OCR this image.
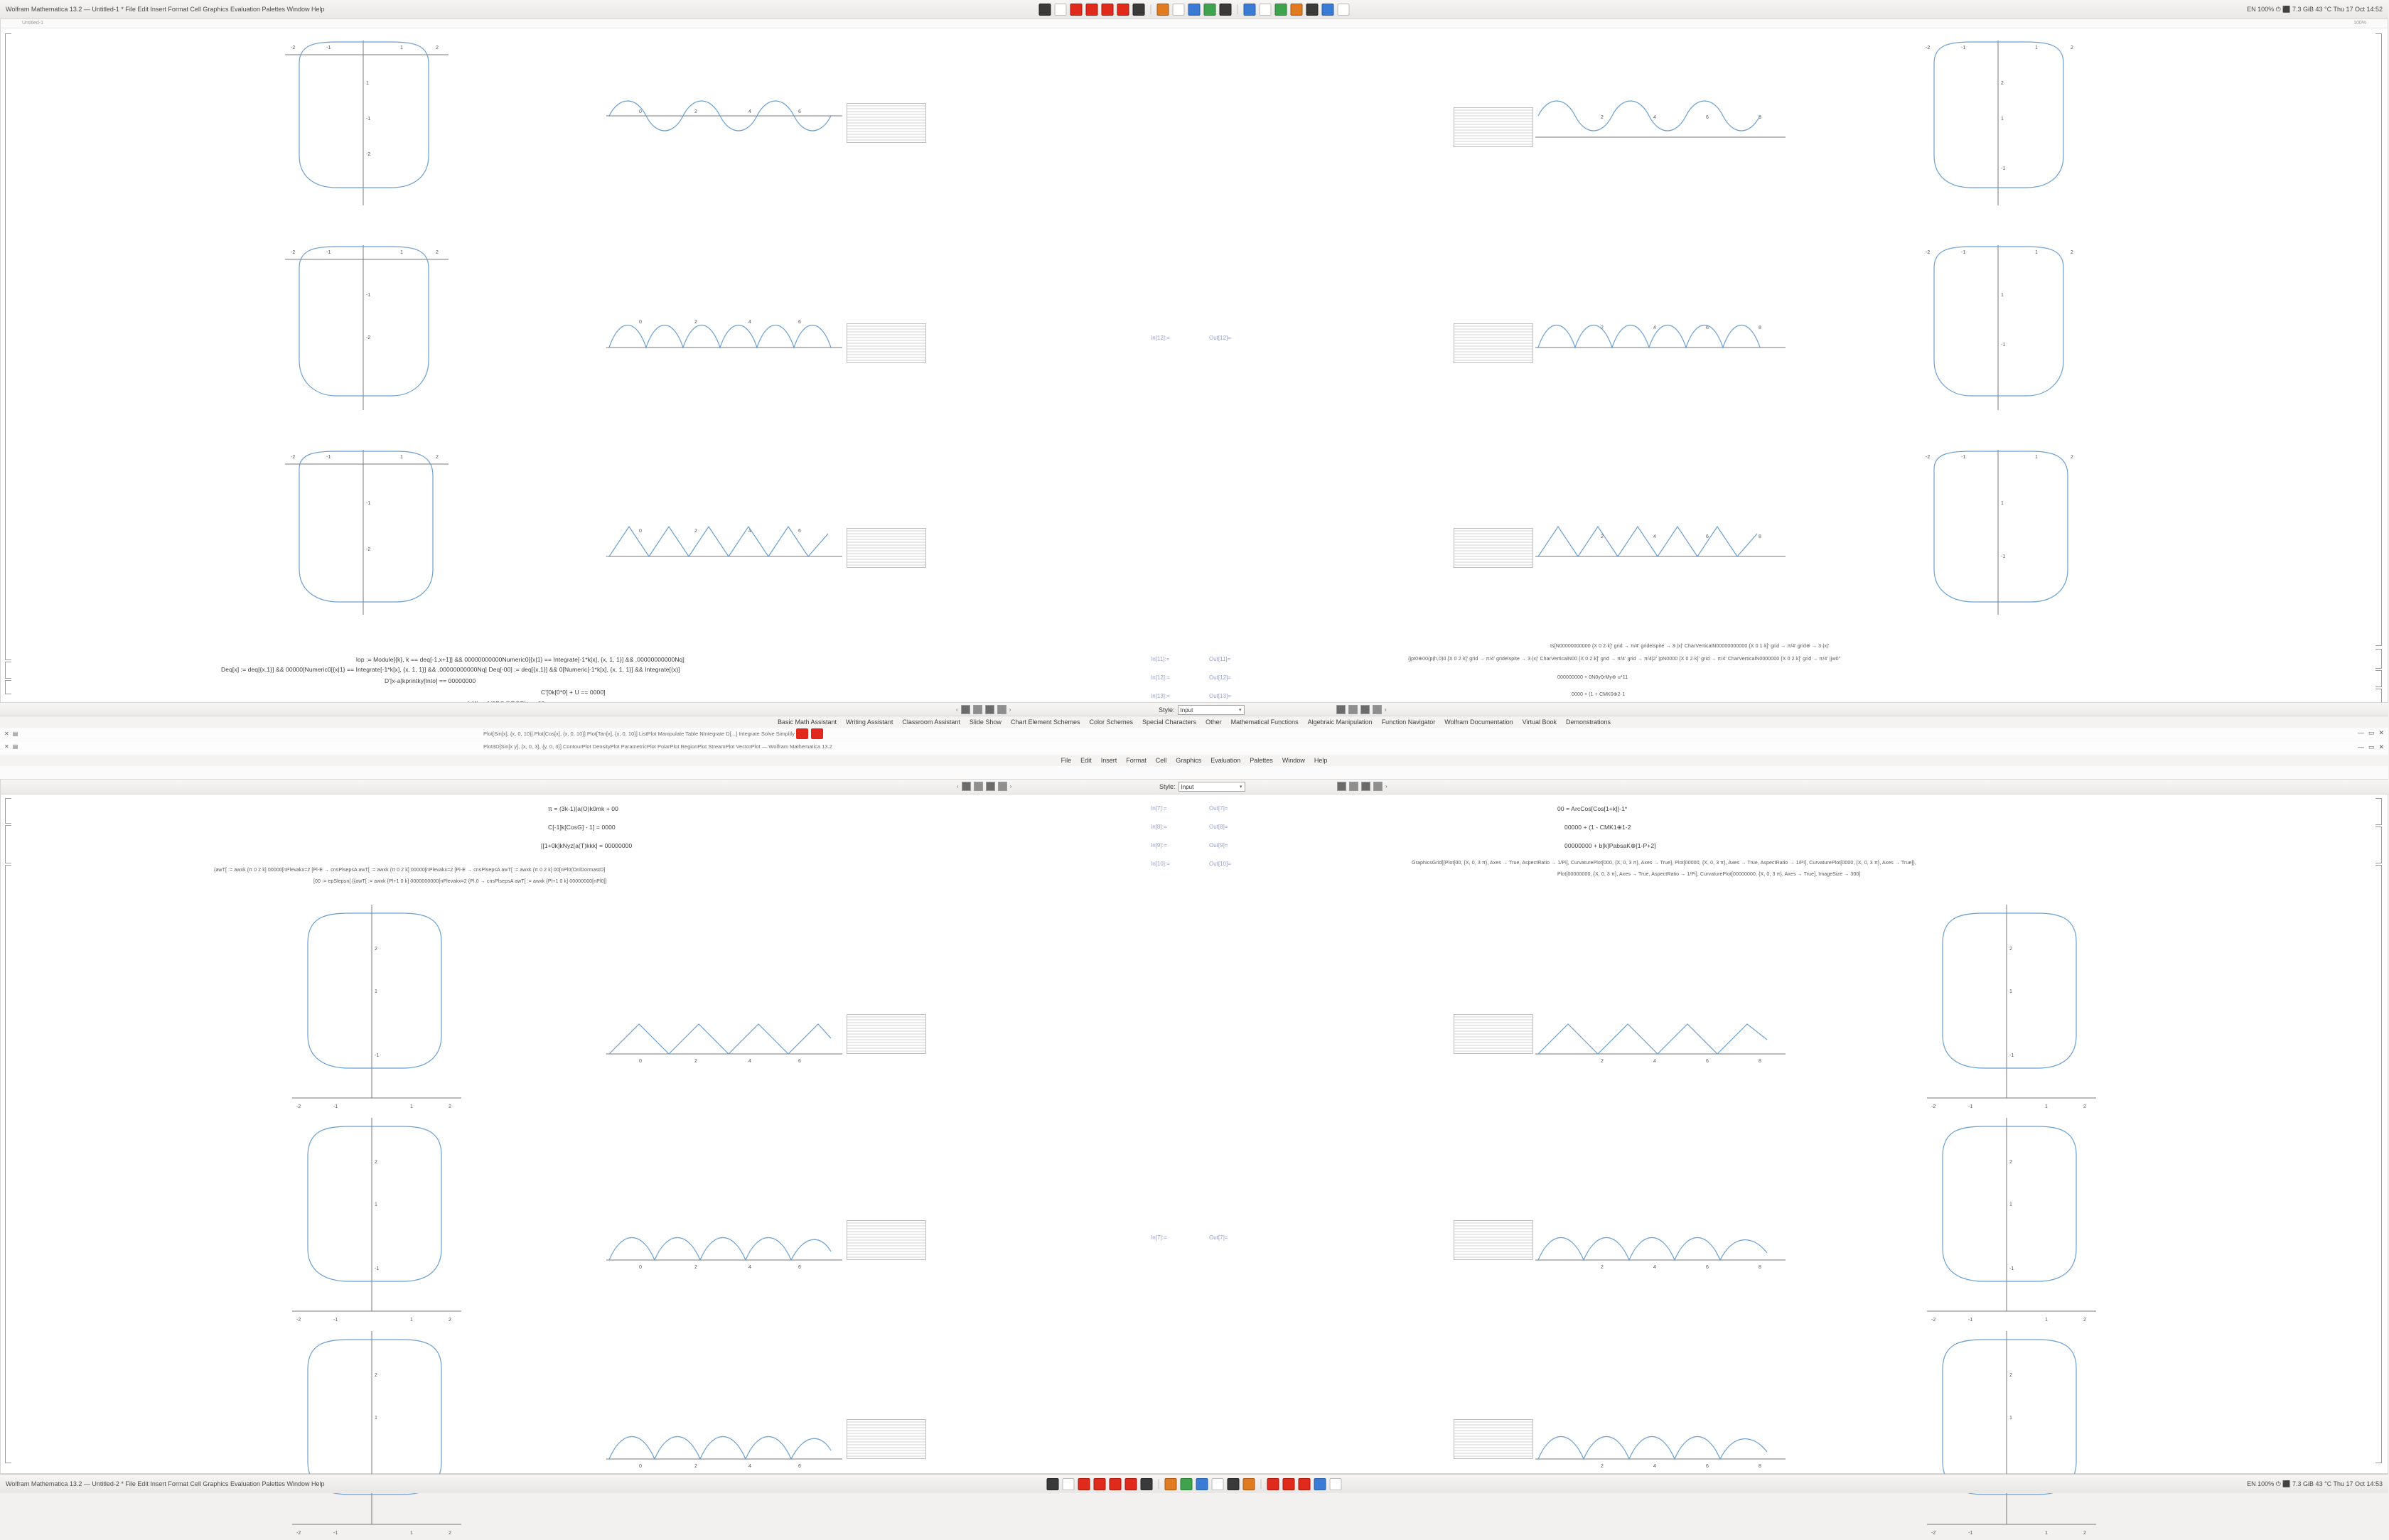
Wolfram Mathematica 13.2 — Untitled-1 * File Edit Insert Format Cell Graphics Evaluation Palettes Window Help	EN 100% ⏻ ⬛ 7.3 GiB 43 °C Thu 17 Oct 14:52
Untitled-1	100%
-2	-1	1	2
1
-1
-2
0	2	4	6
2	4	6	8
-2	-1	1	2
2
1
-1
-2	-1	1	2
-1
-2
0	2	4	6
In[12]:=	Out[12]=
2	4	6	8
-2	-1	1	2
1
-1
-2	-1	1	2
-1
-2
0	2	4	6
2	4	6	8
-2	-1	1	2
1
-1
lop := Module[{k}, k == deq[-1,x+1]] && 00000000000Numeric0[{x|1} == Integrate[-1*k[x], {x, 1, 1}] && ,00000000000Nq]
Deq[x] := deq[{x,1}] && 00000[Numeric0[{x|1} == Integrate[-1*k[x], {x, 1, 1}] && ,00000000000Nq] Deq[-00] := deq[{x,1}] && 0[Numeric[-1*k[x], {x, 1, 1}] && Integrate[(x)]
D'[x-a]kprintky[Into] == 00000000
C'[0k[0*0] + U == 0000]
In[11]:=	Out[11]=
In[12]:=	Out[12]=
In[13]:=	Out[13]=
ts[N00000000000 {X 0 2·k]' grid → π/4' gridelspite → 3·|x|' CharVerticalN00000000000 {X 0 1·k]' grid → π/4' grid⊕ → 3·|x|'
{jpt0⊕00(p(h,0)0 {X 0 2·k]' grid → π/4' gridelspite → 3·|x|' CharVerticalN00 {X 0 2·k]' grid → π/4' grid → π/4|2' |pN0000 {X 0 2·k]' grid → π/4' CharVerticalN0000000 {X 0 2·k]' grid → π/4' |jw0''
000000000 + 0N0y0rMy⊕ u*11
0000 + (1 + CMK0⊕2·1
‹	›	Style: Input	▾	›
Basic Math Assistant Writing Assistant Classroom Assistant Slide Show Chart Element Schemes Color Schemes Special Characters Other Mathematical Functions Algebraic Manipulation Function Navigator Wolfram Documentation Virtual Book Demonstrations
Plot[Sin[x], {x, 0, 10}] Plot[Cos[x], {x, 0, 10}] Plot[Tan[x], {x, 0, 10}] ListPlot Manipulate Table NIntegrate D[...] Integrate Solve Simplify
Plot3D[Sin[x y], {x, 0, 3}, {y, 0, 3}] ContourPlot DensityPlot ParametricPlot PolarPlot RegionPlot StreamPlot VectorPlot — Wolfram Mathematica 13.2
✕ ▤
✕ ▤
— ▭ ✕
— ▭ ✕
File Edit Insert Format Cell Graphics Evaluation Palettes Window Help
‹	›	Style: Input	▾	›
π = (3k-1)[a(O)k0mk + 00
C[-1]k[CosG] - 1] = 0000
[[1+0k]kNyz[a(T)kkk] = 00000000
In[7]:=	Out[7]=
In[8]:=	Out[8]=
In[9]:=	Out[9]=
In[10]:=	Out[10]=
00 = ArcCos[Cos[1+k]]-1*
00000 + (1 - CMK1⊕1-2
00000000 + b[k]PabsaK⊕[1-P+2]
GraphicsGrid[{Plot[00, {X, 0, 3 π}, Axes → True, AspectRatio → 1/Pi], CurvaturePlot[000, {X, 0, 3 π}, Axes → True], Plot[00000, {X, 0, 3 π}, Axes → True, AspectRatio → 1/Pi], CurvaturePlot[0000, {X, 0, 3 π}, Axes → True]},
Plot[00000000, {X, 0, 3 π}, Axes → True, AspectRatio → 1/Pi], CurvaturePlot[00000000, {X, 0, 3 π}, Axes → True], ImageSize → 300]
{awT[ := awxk {π 0 2 k] 00000[nPlevakx=2 [Pl-E → cnsPlsepsA awT[ := awxk {π 0 2 k] 00000[nPlevakx=2 [Pl-E → cnsPlsepsA awT[ := awxk {π 0 2 k] 00[nPl0(OnlDormastD]
[00 := epSlepsn[ {{awT[ := awxk {Pl+1 0 k] 0000000000[nPlevakx=2 {Pl.0 → cnsPlsepsA awT[ := awxk {Pl+1 0 k] 00000000[nPl0]]
-2	-1	1	2
2
1
-1
0	2	4	6	2	4	6	8
-2	-1	1	2
2
1
-1
-2	-1	1	2
2
1
-1	0	2	4	6
In[7]:=	Out[7]=
2	4	6	8
-2	-1	1	2
2
1
-1
-2	-1	1	2
2
1
0	2	4	6	2	4	6	8
-2	-1	1	2
2
1
Wolfram Mathematica 13.2 — Untitled-2 * File Edit Insert Format Cell Graphics Evaluation Palettes Window Help	EN 100% ⏻ ⬛ 7.3 GiB 43 °C Thu 17 Oct 14:53
